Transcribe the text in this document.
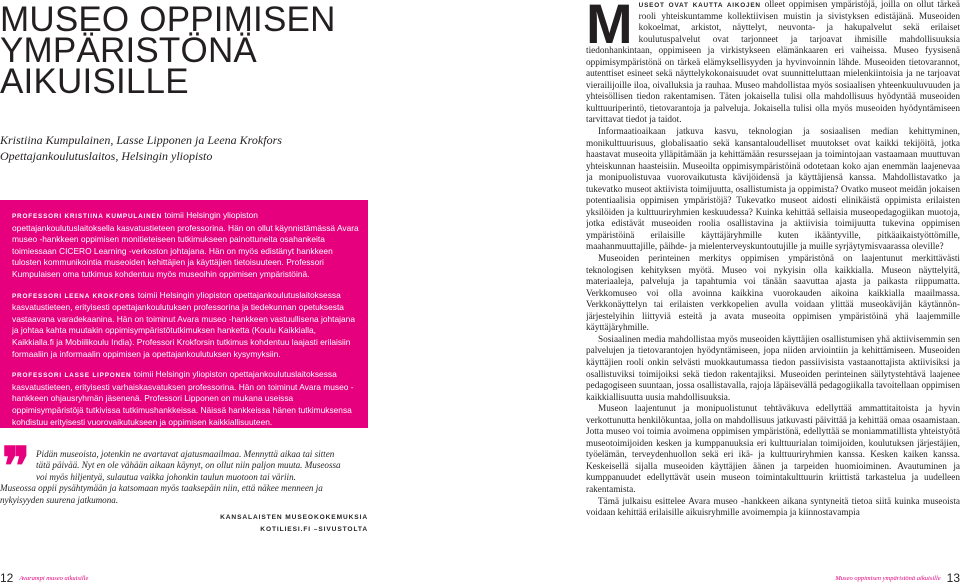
MUSEO OPPIMISEN
YMPÄRISTÖNÄ
AIKUISILLE
Kristiina Kumpulainen, Lasse Lipponen ja Leena Krokfors
Opettajankoulutuslaitos, Helsingin yliopisto

PROFESSORI KRISTIINA KUMPULAINEN toimii Helsingin yliopiston opettajankoulutuslaitoksella kasvatustieteen professorina. Hän on ollut käynnistämässä Avara museo -hankkeen oppimisen monitieteiseen tutkimukseen painottuneita osahankeita toimiessaan CICERO Learning -verkoston johtajana. Hän on myös edistänyt hankkeen tulosten kommunikointia museoiden kehittäjien ja käyttäjien tietoisuuteen. Professori Kumpulaisen oma tutkimus kohdentuu myös museoihin oppimisen ympäristöinä.

PROFESSORI LEENA KROKFORS toimii Helsingin yliopiston opettajankoulutuslaitoksessa kasvatustieteen, erityisesti opettajankoulutuksen professorina ja tiedekunnan opetuksesta vastaavana varadekaanina. Hän on toiminut Avara museo -hankkeen vastuullisena johtajana ja johtaa kahta muutakin oppimisympäristötutkimuksen hanketta (Koulu Kaikkialla, Kaikkialla.fi ja Mobiilikoulu India). Professori Krokforsin tutkimus kohdentuu laajasti erilaisiin formaaliin ja informaalin oppimisen ja opettajankoulutuksen kysymyksiin.

PROFESSORI LASSE LIPPONEN toimii Helsingin yliopiston opettajankoulutuslaitoksessa kasvatustieteen, erityisesti varhaiskasvatuksen professorina. Hän on toiminut Avara museo -hankkeen ohjausryhmän jäsenenä. Professori Lipponen on mukana useissa oppimisympäristöjä tutkivissa tutkimushankkeissa. Näissä hankkeissa hänen tutkimuksensa kohdistuu erityisesti vuorovaikutukseen ja oppimisen kaikkiallisuuteen.

❞	Pidän museoista, jotenkin ne avartavat ajatusmaailmaa. Mennyttä aikaa tai sitten
tätä päivää. Nyt en ole vähään aikaan käynyt, on ollut niin paljon muuta. Museossa
voi myös hiljentyä, sulautua vaikka johonkin taulun muotoon tai väriin.
Museossa oppii pysähtymään ja katsomaan myös taaksepäin niin, että näkee menneen ja nykyisyyden suurena jatkumona.
KANSALAISTEN MUSEOKOKEMUKSIA
KOTILIESI.FI –SIVUSTOLTA
12 Avarampi museo aikuisille

MUSEOT OVAT KAUTTA AIKOJEN olleet oppimisen ympäristöjä, joilla on ollut tärkeä rooli yhteiskuntamme kollektiivisen muistin ja sivistyksen edistäjänä. Museoiden kokoelmat, arkistot, näyttelyt, neuvonta- ja hakupalvelut sekä erilaiset koulutuspalvelut ovat tarjonneet ja tarjoavat ihmisille mahdollisuuksia tiedonhankintaan, oppimiseen ja virkistykseen elämänkaaren eri vaiheissa. Museo fyysisenä oppimisympäristönä on tärkeä elämyksellisyyden ja hyvinvoinnin lähde. Museoiden tietovarannot, autenttiset esineet sekä näyttelykokonaisuudet ovat suunnitteluttaan mielenkiintoisia ja ne tarjoavat vierailijoille iloa, oivalluksia ja rauhaa. Museo mahdollistaa myös sosiaalisen yhteenkuuluvuuden ja yhteisöllisen tiedon rakentamisen. Täten jokaisella tulisi olla mahdollisuus hyödyntää museoiden kulttuuriperintö, tietovarantoja ja palveluja. Jokaisella tulisi olla myös museoiden hyödyntämiseen tarvittavat tiedot ja taidot.

Informaatioaikaan jatkuva kasvu, teknologian ja sosiaalisen median kehittyminen, monikulttuurisuus, globalisaatio sekä kansantaloudelliset muutokset ovat kaikki tekijöitä, jotka haastavat museoita ylläpitämään ja kehittämään resurssejaan ja toimintojaan vastaamaan muuttuvan yhteiskunnan haasteisiin. Museoilta oppimisympäristöinä odotetaan koko ajan enemmän laajenevaa ja monipuolistuvaa vuorovaikutusta kävijöidensä ja käyttäjiensä kanssa. Mahdollistavatko ja tukevatko museot aktiivista toimijuutta, osallistumista ja oppimista? Ovatko museot meidän jokaisen potentiaalisia oppimisen ympäristöjä? Tukevatko museot aidosti elinikäistä oppimista erilaisten yksilöiden ja kulttuuriryhmien keskuudessa? Kuinka kehittää sellaisia museopedagogiikan muotoja, jotka edistävät museoiden roolia osallistavina ja aktiivisia toimijuutta tukevina oppimisen ympäristöinä erilaisille käyttäjäryhmille kuten ikääntyville, pitkäaikaistyöttömille, maahanmuuttajille, päihde- ja mielenterveyskuntoutujille ja muille syrjäytymisvaarassa oleville?

Museoiden perinteinen merkitys oppimisen ympäristönä on laajentunut merkittävästi teknologisen kehityksen myötä. Museo voi nykyisin olla kaikkialla. Museon näyttelyitä, materiaaleja, palveluja ja tapahtumia voi tänään saavuttaa ajasta ja paikasta riippumatta. Verkkomuseo voi olla avoinna kaikkina vuorokauden aikoina kaikkialla maailmassa. Verkkonäyttelyn tai erilaisten verkkopelien avulla voidaan ylittää museokävijän käytännön-järjestelyihin liittyviä esteitä ja avata museoita oppimisen ympäristöinä yhä laajemmille käyttäjäryhmille.

Sosiaalinen media mahdollistaa myös museoiden käyttäjien osallistumisen yhä aktiivisemmin sen palvelujen ja tietovarantojen hyödyntämiseen, jopa niiden arviointiin ja kehittämiseen. Museoiden käyttäjien rooli onkin selvästi muokkautumassa tiedon passiivisista vastaanottajista aktiivisiksi ja osallistuviksi toimijoiksi sekä tiedon rakentajiksi. Museoiden perinteinen säilytystehtävä laajenee pedagogiseen suuntaan, jossa osallistavalla, rajoja läpäisevällä pedagogiikalla tavoitellaan oppimisen kaikkiallisuutta uusia mahdollisuuksia.

Museon laajentunut ja monipuolistunut tehtäväkuva edellyttää ammattitaitoista ja hyvin verkottunutta henkilökuntaa, jolla on mahdollisuus jatkuvasti päivittää ja kehittää omaa osaamistaan. Jotta museo voi toimia avoimena oppimisen ympäristönä, edellyttää se moniammatillista yhteistyötä museotoimijoiden kesken ja kumppanuuksia eri kulttuurialan toimijoiden, koulutuksen järjestäjien, työelämän, terveydenhuollon sekä eri ikä- ja kulttuuriryhmien kanssa. Kesken kaiken kanssa. Keskeisellä sijalla museoiden käyttäjien äänen ja tarpeiden huomioiminen. Avautuminen ja kumppanuudet edellyttävät usein museon toimintakulttuurin kriittistä tarkastelua ja uudelleen rakentamista.

Tämä julkaisu esittelee Avara museo -hankkeen aikana syntyneitä tietoa siitä kuinka museoista voidaan kehittää erilaisille aikuisryhmille avoimempia ja kiinnostavampia

Museo oppimisen ympäristönä aikuisille 13
